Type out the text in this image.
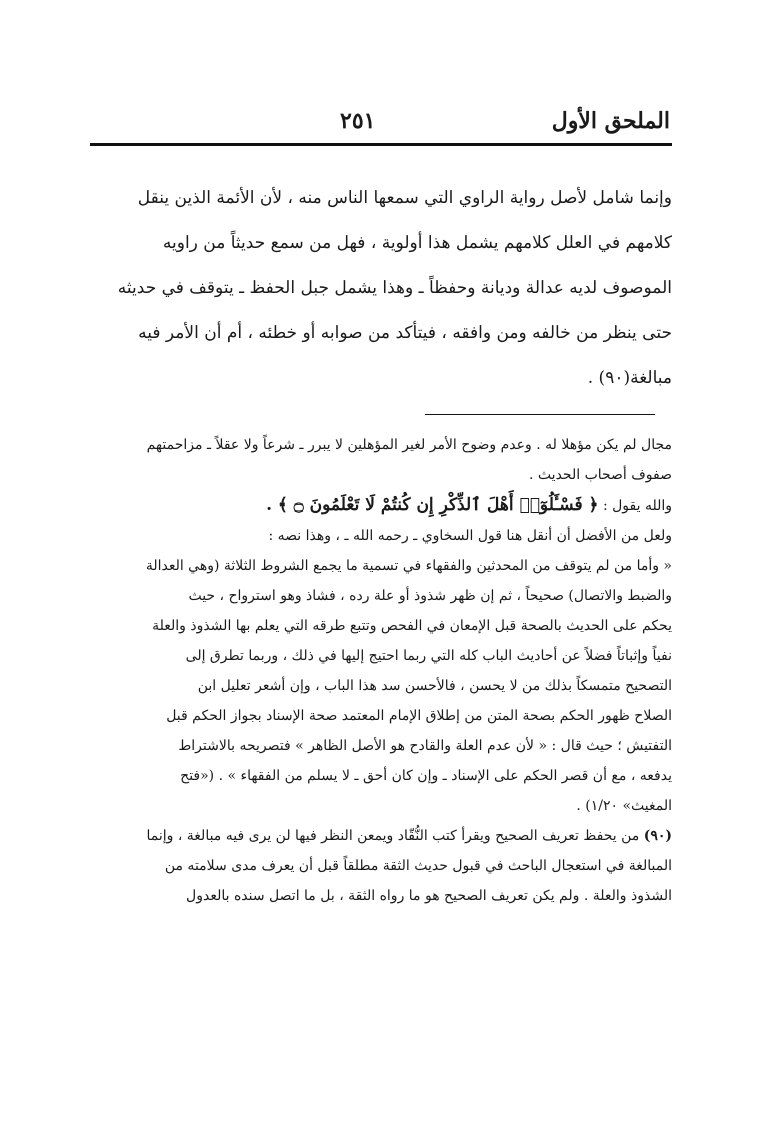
الملحق الأول
٢٥١

وإنما شامل لأصل رواية الراوي التي سمعها الناس منه ، لأن الأئمة الذين ينقل

كلامهم في العلل كلامهم يشمل هذا أولوية ، فهل من سمع حديثاً من راويه

الموصوف لديه عدالة وديانة وحفظاً ـ وهذا يشمل جبل الحفظ ـ يتوقف في حديثه

حتى ينظر من خالفه ومن وافقه ، فيتأكد من صوابه أو خطئه ، أم أن الأمر فيه

مبالغة(٩٠) .

مجال لم يكن مؤهلا له . وعدم وضوح الأمر لغير المؤهلين لا يبرر ـ شرعاً ولا عقلاً ـ مزاحمتهم

صفوف أصحاب الحديث .

والله يقول : ﴿ فَسْـَٔلُوٓا۟ أَهْلَ ٱلذِّكْرِ إِن كُنتُمْ لَا تَعْلَمُونَ ۝ ﴾ .

ولعل من الأفضل أن أنقل هنا قول السخاوي ـ رحمه الله ـ ، وهذا نصه :

« وأما من لم يتوقف من المحدثين والفقهاء في تسمية ما يجمع الشروط الثلاثة (وهي العدالة

والضبط والاتصال) صحيحاً ، ثم إن ظهر شذوذ أو علة رده ، فشاذ وهو استرواح ، حيث

يحكم على الحديث بالصحة قبل الإمعان في الفحص وتتبع طرقه التي يعلم بها الشذوذ والعلة

نفياً وإثباتاً فضلاً عن أحاديث الباب كله التي ربما احتيج إليها في ذلك ، وربما تطرق إلى

التصحيح متمسكاً بذلك من لا يحسن ، فالأحسن سد هذا الباب ، وإن أشعر تعليل ابن

الصلاح ظهور الحكم بصحة المتن من إطلاق الإمام المعتمد صحة الإسناد بجواز الحكم قبل

التفتيش ؛ حيث قال : « لأن عدم العلة والقادح هو الأصل الظاهر » فتصريحه بالاشتراط

يدفعه ، مع أن قصر الحكم على الإسناد ـ وإن كان أحق ـ لا يسلم من الفقهاء » . («فتح

المغيث» ١/٢٠) .

(٩٠) من يحفظ تعريف الصحيح ويقرأ كتب النُّقّاد ويمعن النظر فيها لن يرى فيه مبالغة ، وإنما

المبالغة في استعجال الباحث في قبول حديث الثقة مطلقاً قبل أن يعرف مدى سلامته من

الشذوذ والعلة . ولم يكن تعريف الصحيح هو ما رواه الثقة ، بل ما اتصل سنده بالعدول
